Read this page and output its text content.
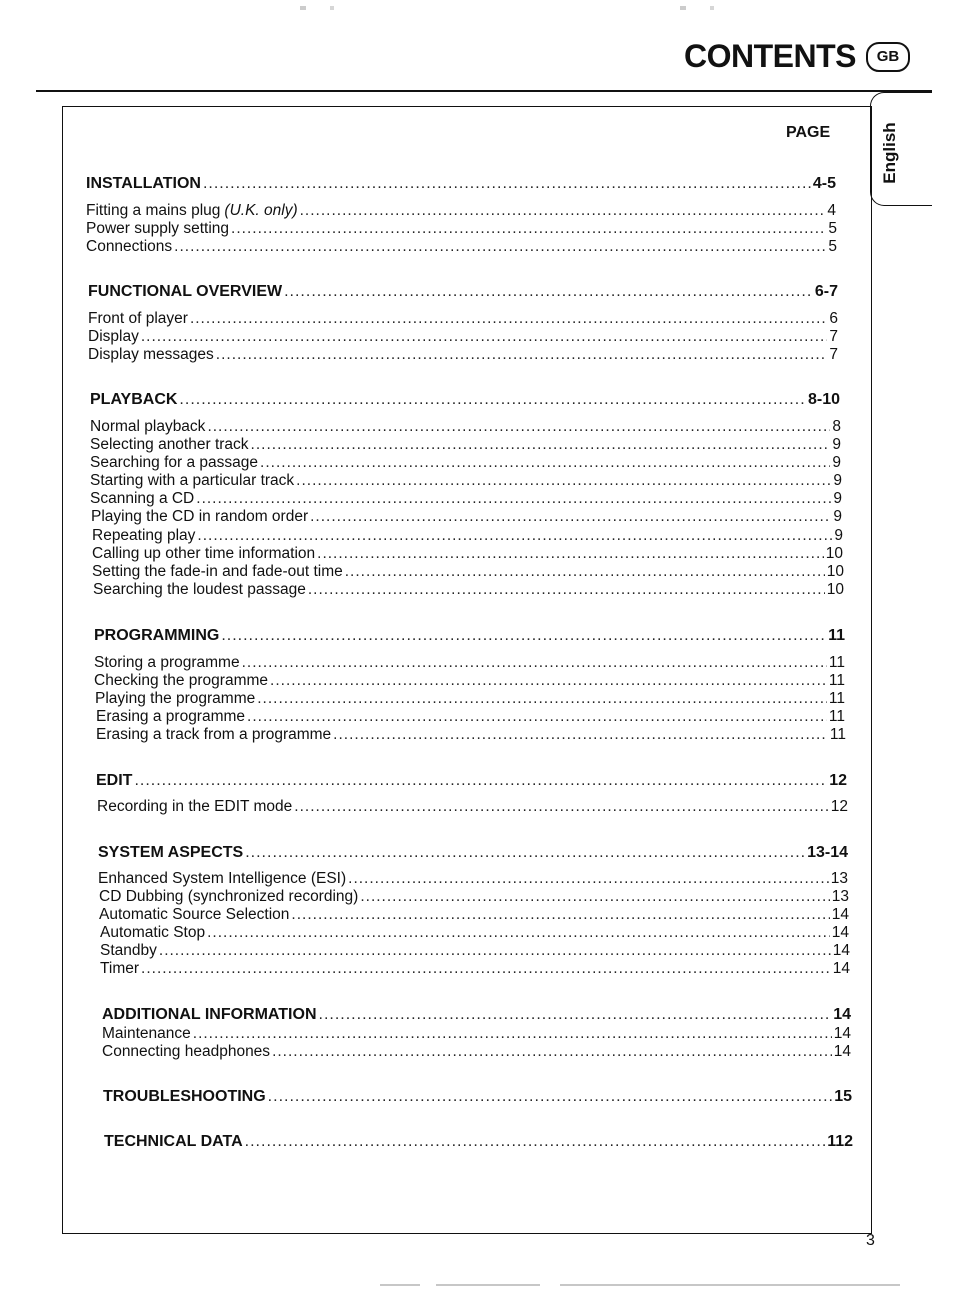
CONTENTS	GB
English
PAGE
INSTALLATION .....	4-5
Fitting a mains plug (U.K. only) .....	4
Power supply setting .....	5
Connections .....	5
FUNCTIONAL OVERVIEW .....	6-7
Front of player .....	6
Display .....	7
Display messages .....	7
PLAYBACK .....	8-10
Normal playback .....	8
Selecting another track .....	9
Searching for a passage .....	9
Starting with a particular track .....	9
Scanning a CD .....	9
Playing the CD in random order .....	9
Repeating play .....	9
Calling up other time information .....	10
Setting the fade-in and fade-out time .....	10
Searching the loudest passage .....	10
PROGRAMMING .....	11
Storing a programme .....	11
Checking the programme .....	11
Playing the programme .....	11
Erasing a programme .....	11
Erasing a track from a programme .....	11
EDIT .....	12
Recording in the EDIT mode .....	12
SYSTEM ASPECTS .....	13-14
Enhanced System Intelligence (ESI) .....	13
CD Dubbing (synchronized recording) .....	13
Automatic Source Selection .....	14
Automatic Stop .....	14
Standby .....	14
Timer .....	14
ADDITIONAL INFORMATION .....	14
Maintenance .....	14
Connecting headphones .....	14
TROUBLESHOOTING .....	15
TECHNICAL DATA .....	112
3
